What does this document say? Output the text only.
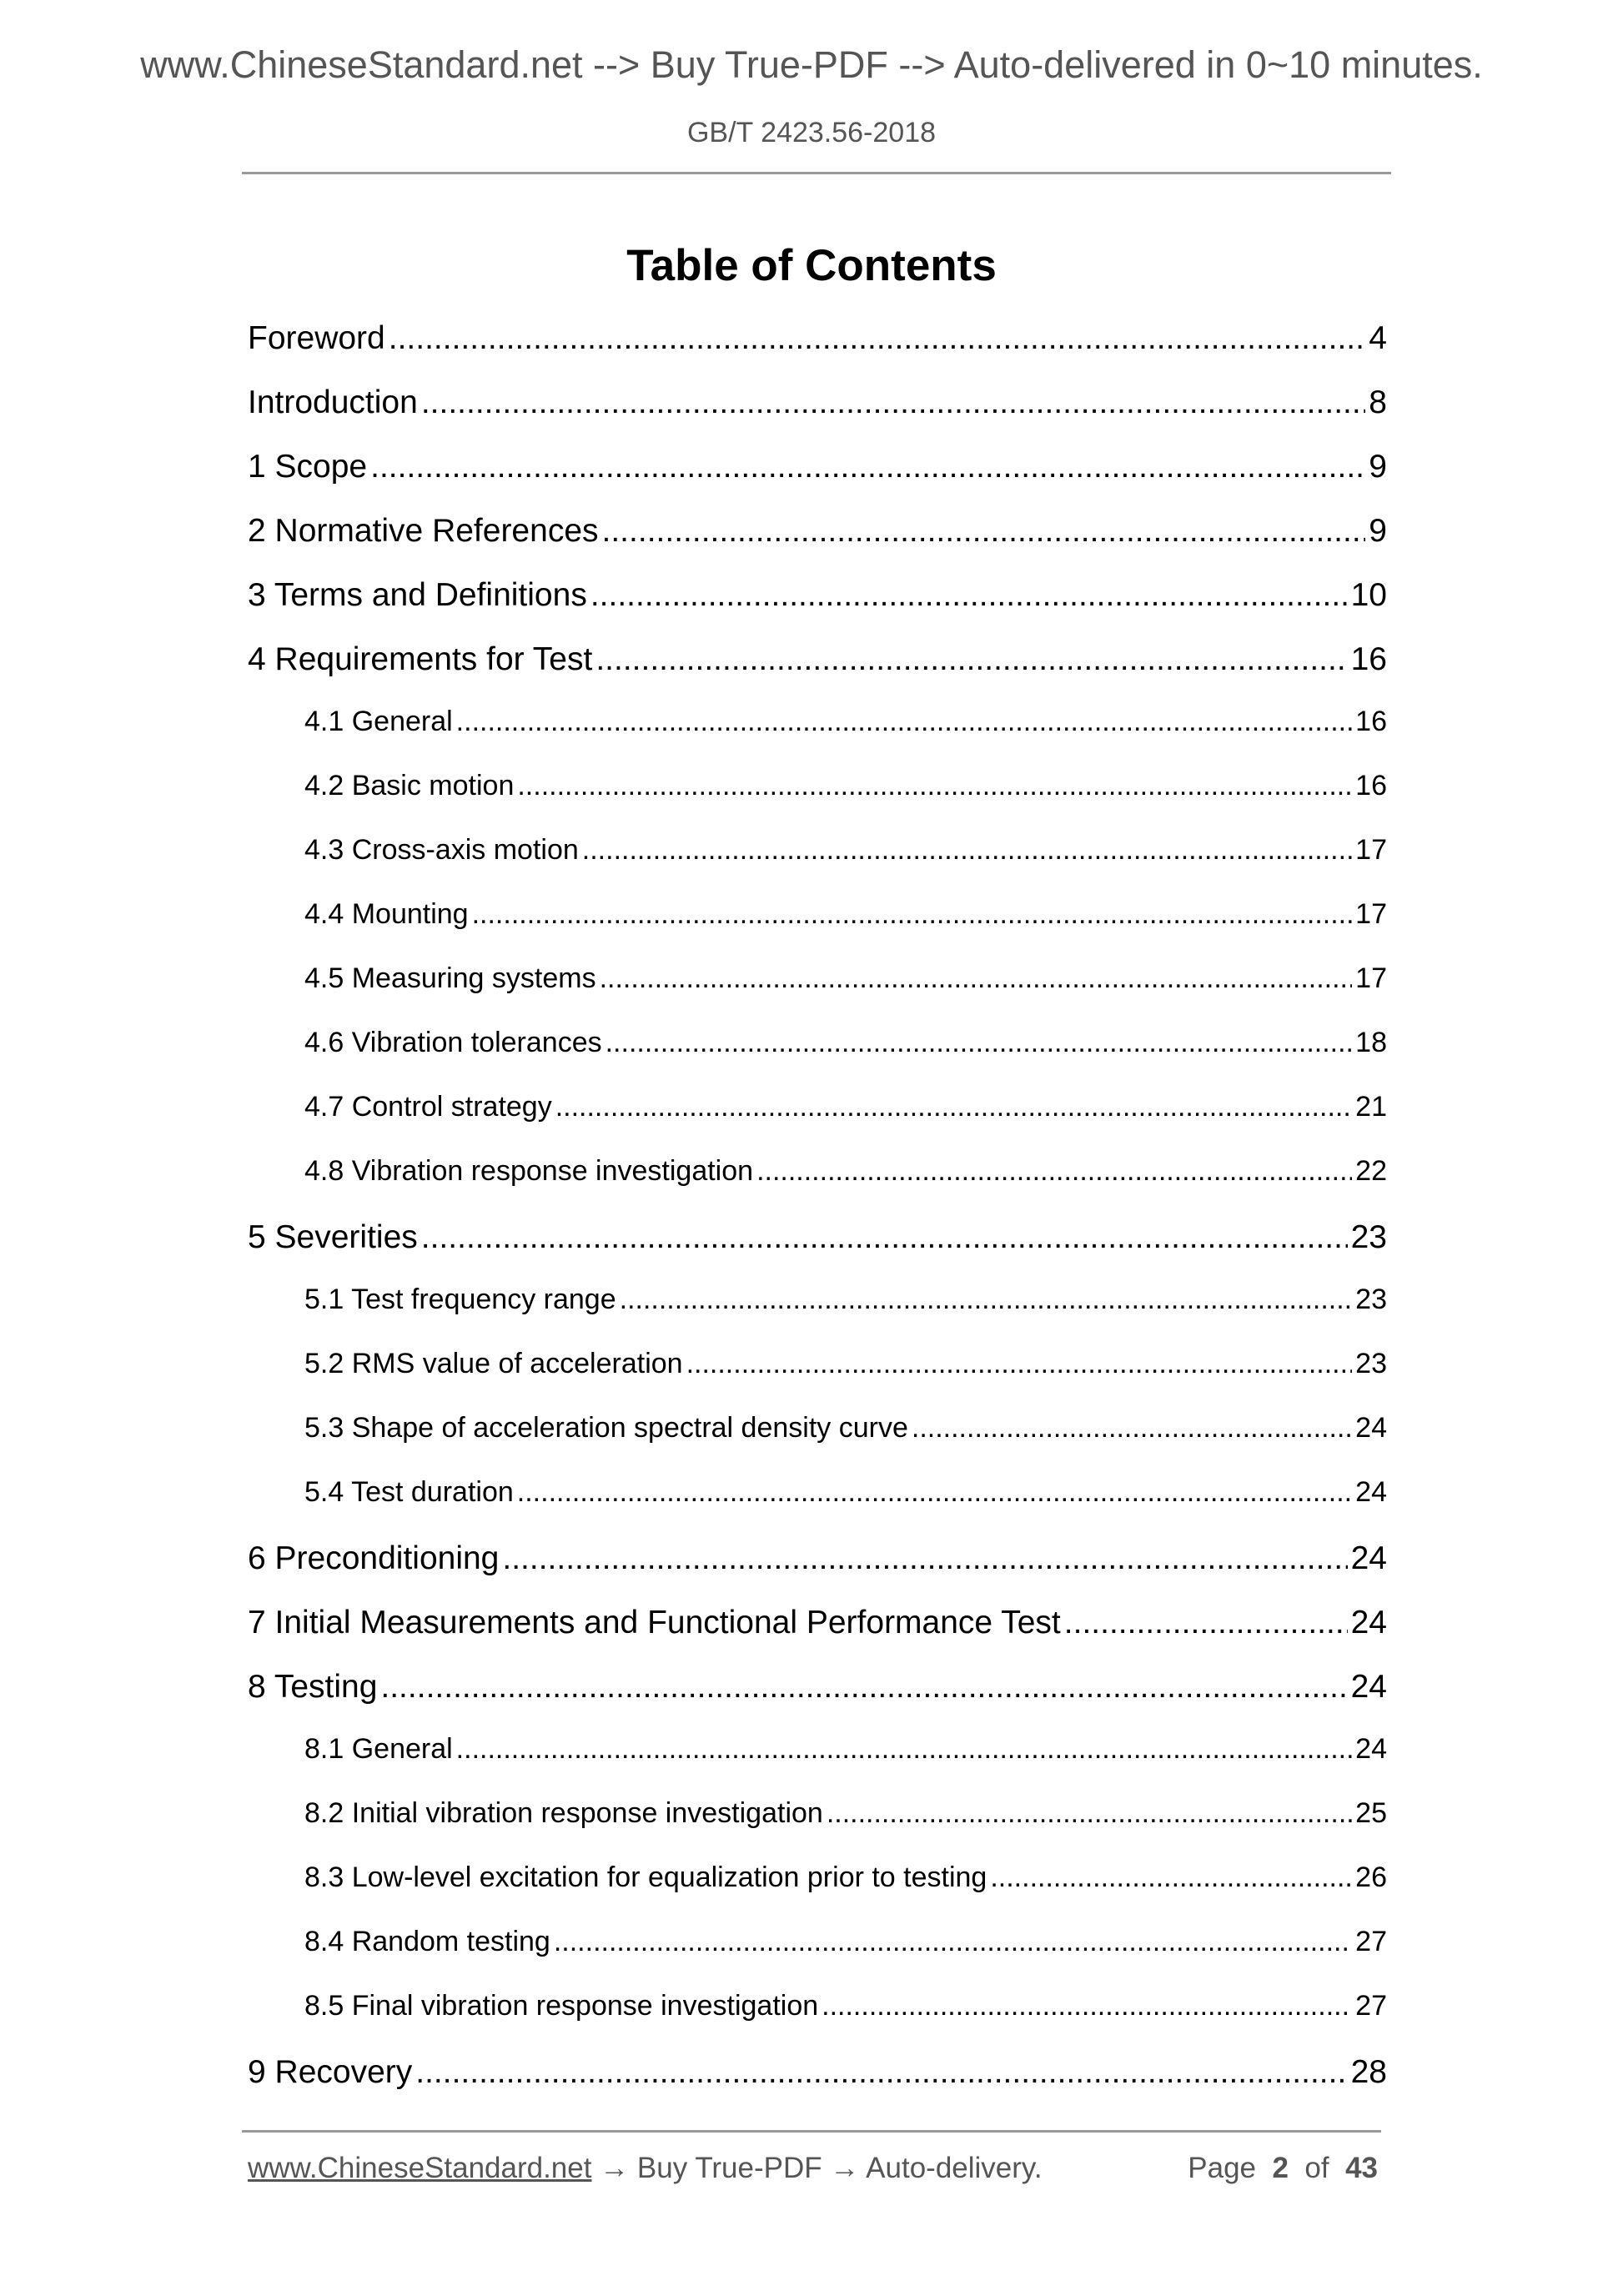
www.ChineseStandard.net --> Buy True-PDF --> Auto-delivered in 0~10 minutes.
GB/T 2423.56-2018
Table of Contents
Foreword .....	4
Introduction .....	8
1 Scope .....	9
2 Normative References .....	9
3 Terms and Definitions .....	10
4 Requirements for Test .....	16
4.1 General .....	16
4.2 Basic motion .....	16
4.3 Cross-axis motion .....	17
4.4 Mounting .....	17
4.5 Measuring systems .....	17
4.6 Vibration tolerances .....	18
4.7 Control strategy .....	21
4.8 Vibration response investigation .....	22
5 Severities .....	23
5.1 Test frequency range .....	23
5.2 RMS value of acceleration .....	23
5.3 Shape of acceleration spectral density curve .....	24
5.4 Test duration .....	24
6 Preconditioning .....	24
7 Initial Measurements and Functional Performance Test .....	24
8 Testing .....	24
8.1 General .....	24
8.2 Initial vibration response investigation .....	25
8.3 Low-level excitation for equalization prior to testing .....	26
8.4 Random testing .....	27
8.5 Final vibration response investigation .....	27
9 Recovery .....	28
www.ChineseStandard.net → Buy True-PDF → Auto-delivery.	Page 2 of 43
